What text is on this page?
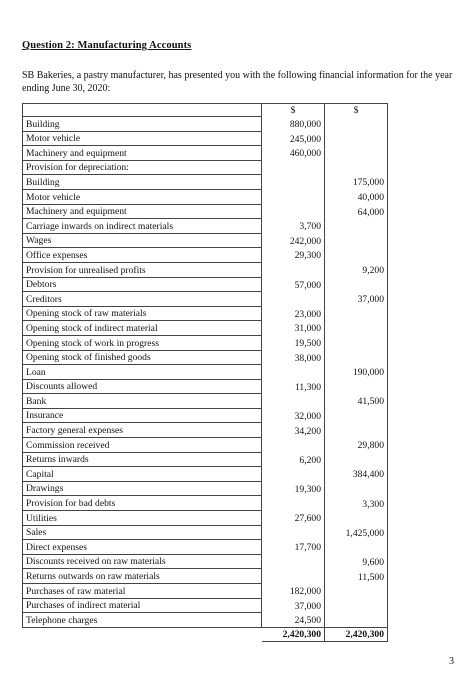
Question 2: Manufacturing Accounts
SB Bakeries, a pastry manufacturer, has presented you with the following financial information for the year ending June 30, 2020:
	$	$
Building	880,000	
Motor vehicle	245,000	
Machinery and equipment	460,000	
Provision for depreciation:		
Building		175,000
Motor vehicle		40,000
Machinery and equipment		64,000
Carriage inwards on indirect materials	3,700	
Wages	242,000	
Office expenses	29,300	
Provision for unrealised profits		9,200
Debtors	57,000	
Creditors		37,000
Opening stock of raw materials	23,000	
Opening stock of indirect material	31,000	
Opening stock of work in progress	19,500	
Opening stock of finished goods	38,000	
Loan		190,000
Discounts allowed	11,300	
Bank		41,500
Insurance	32,000	
Factory general expenses	34,200	
Commission received		29,800
Returns inwards	6,200	
Capital		384,400
Drawings	19,300	
Provision for bad debts		3,300
Utilities	27,600	
Sales		1,425,000
Direct expenses	17,700	
Discounts received on raw materials		9,600
Returns outwards on raw materials		11,500
Purchases of raw material	182,000	
Purchases of indirect material	37,000	
Telephone charges	24,500	
	2,420,300	2,420,300
3
